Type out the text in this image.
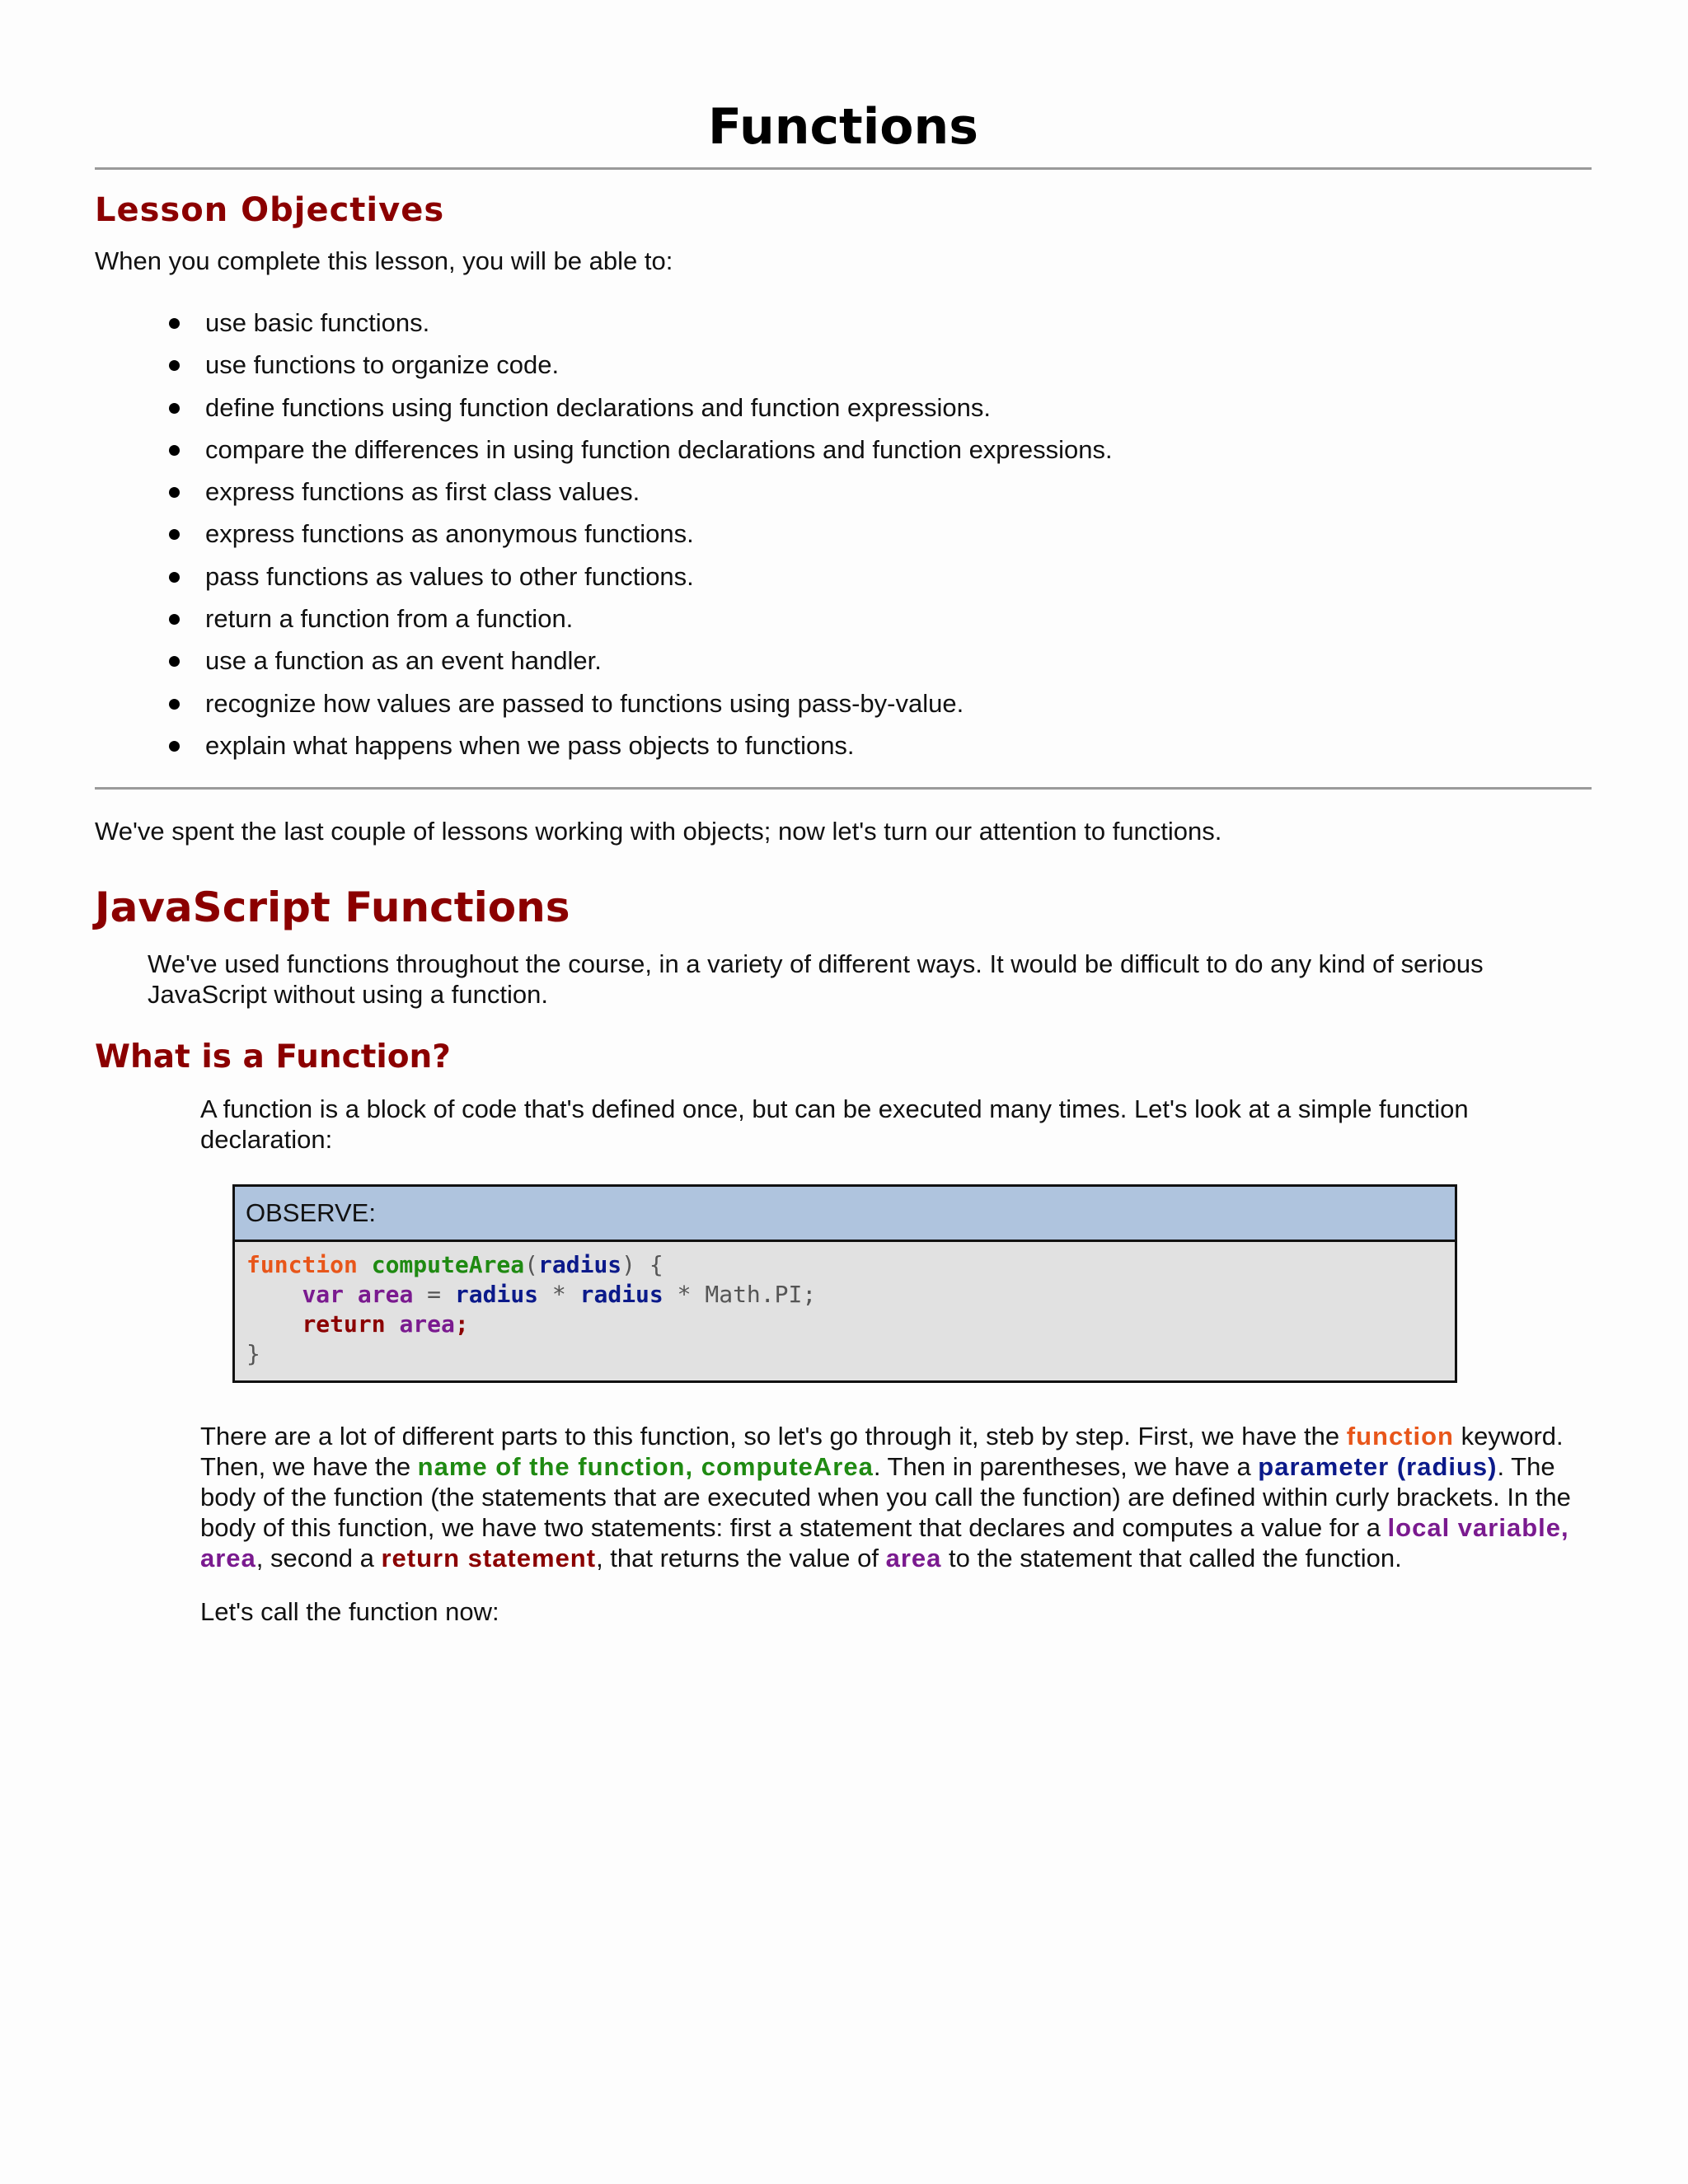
Functions
Lesson Objectives

When you complete this lesson, you will be able to:

use basic functions.
use functions to organize code.
define functions using function declarations and function expressions.
compare the differences in using function declarations and function expressions.
express functions as first class values.
express functions as anonymous functions.
pass functions as values to other functions.
return a function from a function.
use a function as an event handler.
recognize how values are passed to functions using pass-by-value.
explain what happens when we pass objects to functions.

We've spent the last couple of lessons working with objects; now let's turn our attention to functions.

JavaScript Functions

We've used functions throughout the course, in a variety of different ways. It would be difficult to do any kind of serious JavaScript without using a function.

What is a Function?

A function is a block of code that's defined once, but can be executed many times. Let's look at a simple function declaration:

OBSERVE:
function computeArea(radius) {
var area = radius * radius * Math.PI;
return area;
}

There are a lot of different parts to this function, so let's go through it, steb by step. First, we have the function keyword. Then, we have the name of the function, computeArea. Then in parentheses, we have a parameter (radius). The body of the function (the statements that are executed when you call the function) are defined within curly brackets. In the body of this function, we have two statements: first a statement that declares and computes a value for a local variable, area, second a return statement, that returns the value of area to the statement that called the function.

Let's call the function now:
